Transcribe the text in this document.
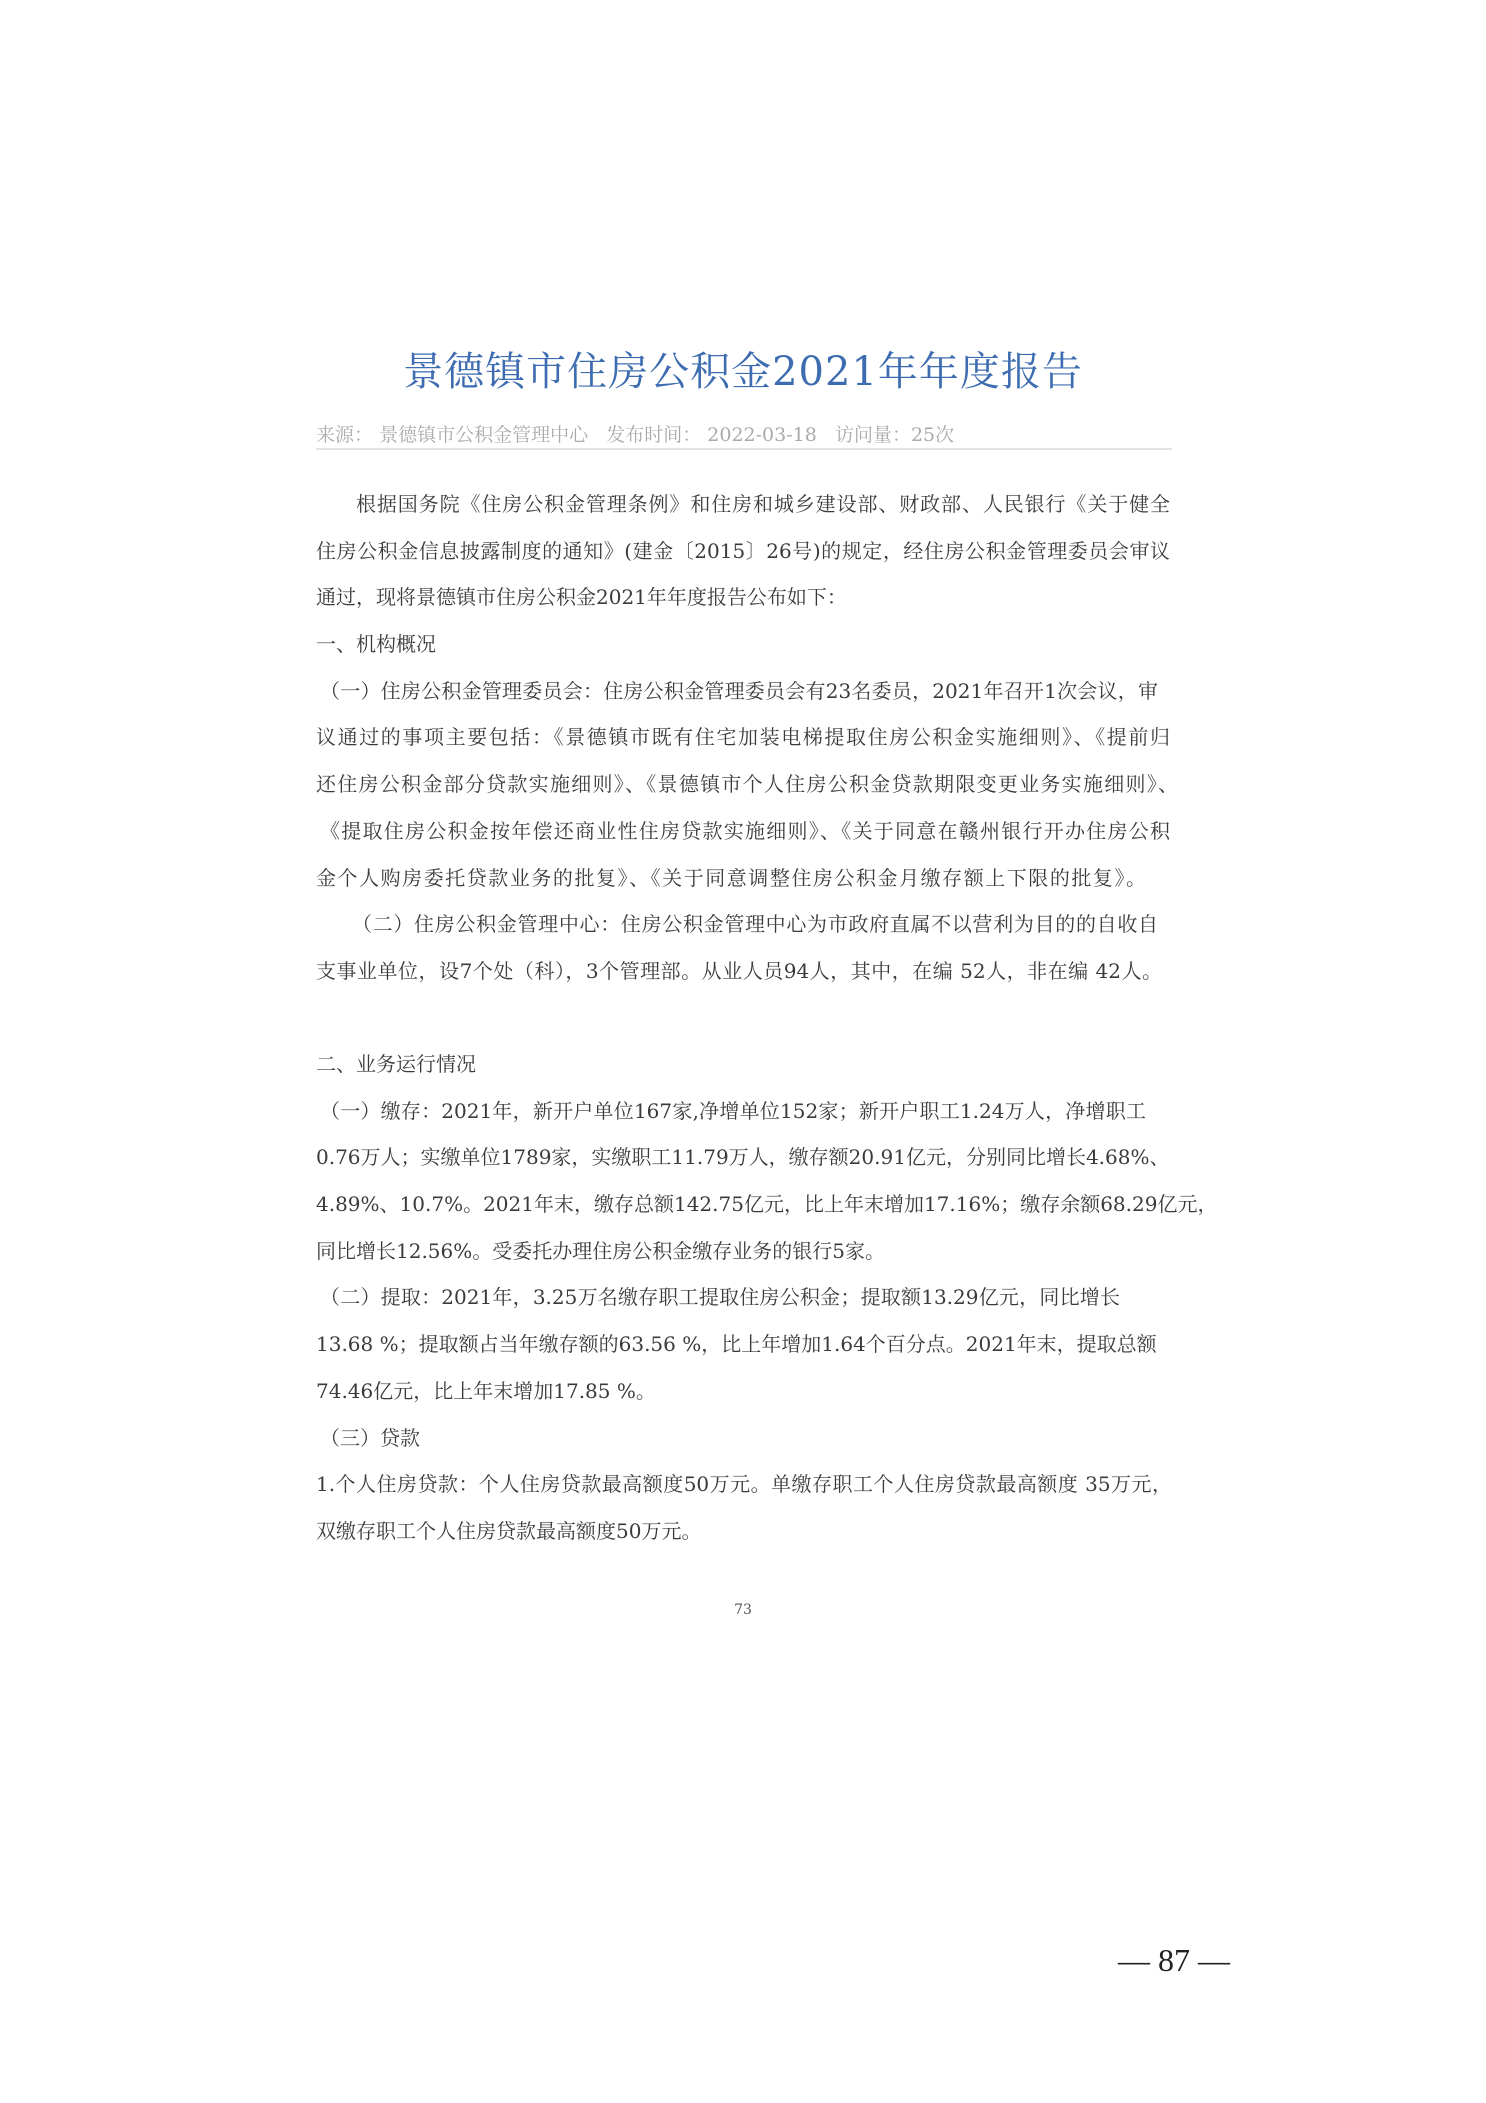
景德镇市住房公积金2021年年度报告
来源： 景德镇市公积金管理中心 发布时间： 2022-03-18 访问量：25次
根据国务院《住房公积金管理条例》和住房和城乡建设部、财政部、人民银行《关于健全
住房公积金信息披露制度的通知》(建金〔2015〕26号)的规定，经住房公积金管理委员会审议
通过，现将景德镇市住房公积金2021年年度报告公布如下：
一、机构概况
（一）住房公积金管理委员会：住房公积金管理委员会有23名委员，2021年召开1次会议，审
议通过的事项主要包括：《景德镇市既有住宅加装电梯提取住房公积金实施细则》、《提前归
还住房公积金部分贷款实施细则》、《景德镇市个人住房公积金贷款期限变更业务实施细则》、
《提取住房公积金按年偿还商业性住房贷款实施细则》、《关于同意在赣州银行开办住房公积
金个人购房委托贷款业务的批复》、《关于同意调整住房公积金月缴存额上下限的批复》。
（二）住房公积金管理中心：住房公积金管理中心为市政府直属不以营利为目的的自收自
支事业单位，设7个处（科），3个管理部。从业人员94人，其中，在编 52人，非在编 42人。
二、业务运行情况
（一）缴存：2021年，新开户单位167家,净增单位152家；新开户职工1.24万人，净增职工
0.76万人；实缴单位1789家，实缴职工11.79万人，缴存额20.91亿元，分别同比增长4.68%、
4.89%、10.7%。2021年末，缴存总额142.75亿元，比上年末增加17.16%；缴存余额68.29亿元，
同比增长12.56%。受委托办理住房公积金缴存业务的银行5家。
（二）提取：2021年，3.25万名缴存职工提取住房公积金；提取额13.29亿元，同比增长
13.68 %；提取额占当年缴存额的63.56 %，比上年增加1.64个百分点。2021年末，提取总额
74.46亿元，比上年末增加17.85 %。
（三）贷款
1.个人住房贷款：个人住房贷款最高额度50万元。单缴存职工个人住房贷款最高额度 35万元，
双缴存职工个人住房贷款最高额度50万元。
73
— 87 —
